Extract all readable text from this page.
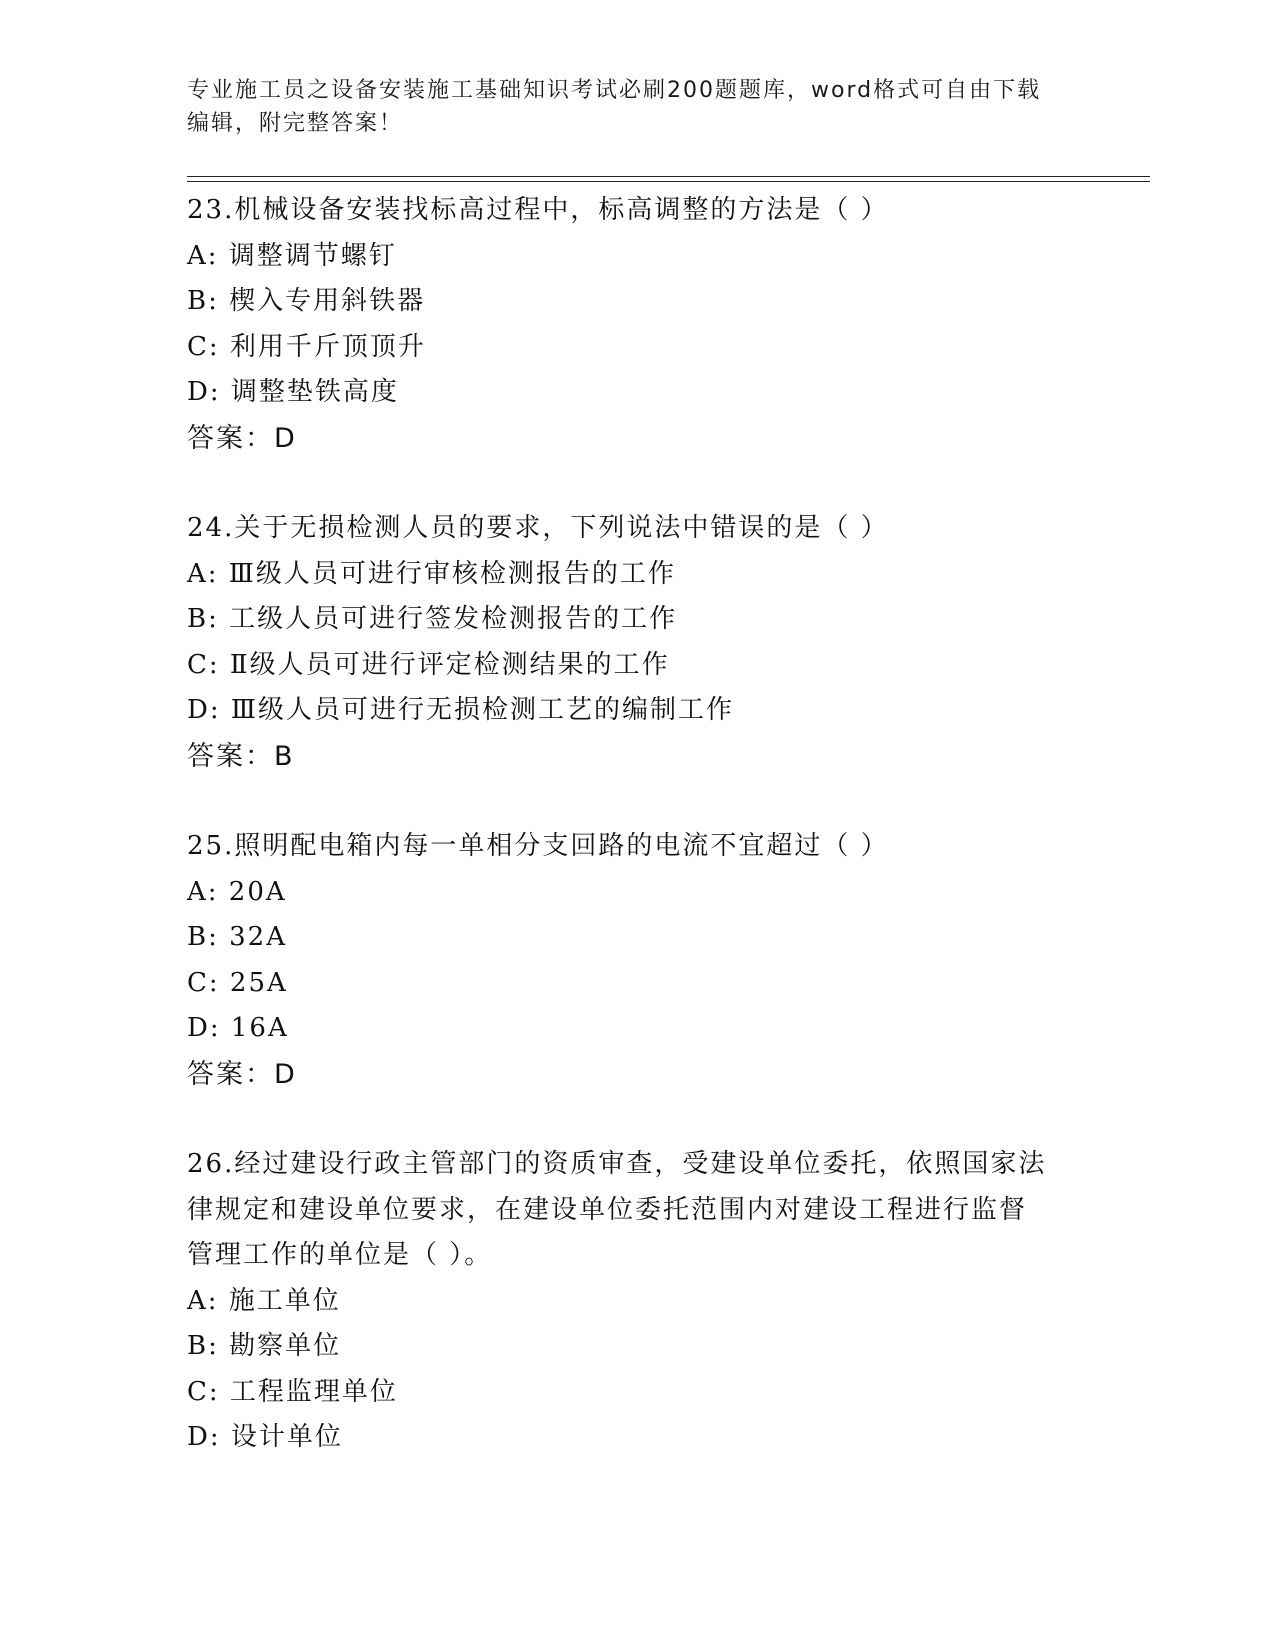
专业施工员之设备安装施工基础知识考试必刷200题题库，word格式可自由下载
编辑，附完整答案！
23.机械设备安装找标高过程中，标高调整的方法是（ ）
A: 调整调节螺钉
B: 楔入专用斜铁器
C: 利用千斤顶顶升
D: 调整垫铁高度
答案：D
24.关于无损检测人员的要求，下列说法中错误的是（ ）
A: Ⅲ级人员可进行审核检测报告的工作
B: 工级人员可进行签发检测报告的工作
C: Ⅱ级人员可进行评定检测结果的工作
D: Ⅲ级人员可进行无损检测工艺的编制工作
答案：B
25.照明配电箱内每一单相分支回路的电流不宜超过（ ）
A: 20A
B: 32A
C: 25A
D: 16A
答案：D
26.经过建设行政主管部门的资质审查，受建设单位委托，依照国家法
律规定和建设单位要求，在建设单位委托范围内对建设工程进行监督
管理工作的单位是（ ）。
A: 施工单位
B: 勘察单位
C: 工程监理单位
D: 设计单位
